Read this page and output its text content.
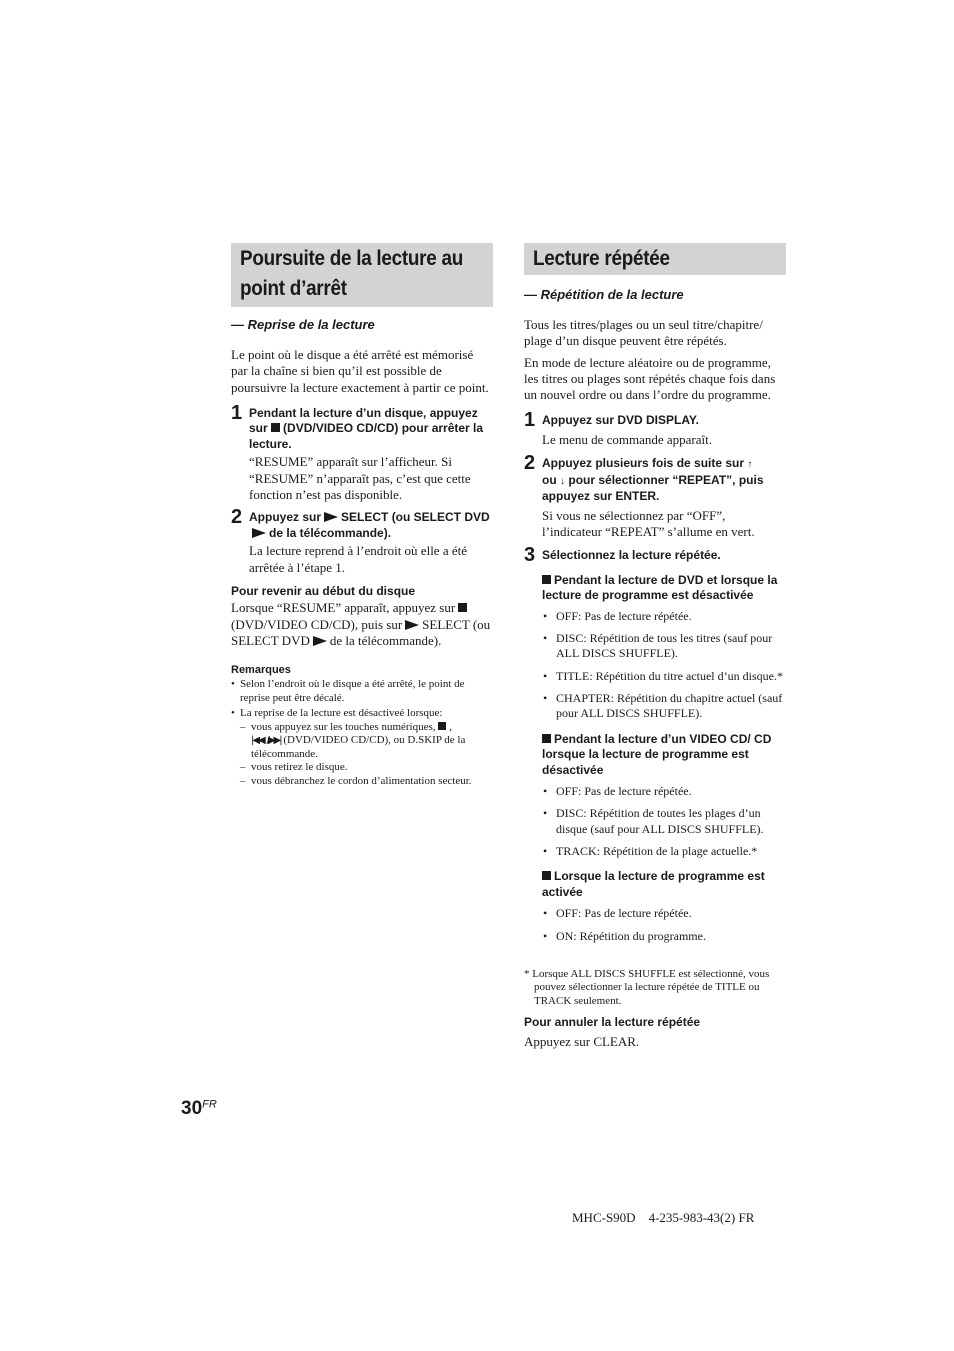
Poursuite de la lecture au point d’arrêt

— Reprise de la lecture

Le point où le disque a été arrêté est mémorisé par la chaîne si bien qu’il est possible de poursuivre la lecture exactement à partir ce point.

1 Pendant la lecture d’un disque, appuyez sur (DVD/VIDEO CD/CD) pour arrêter la lecture.

“RESUME” apparaît sur l’afficheur. Si “RESUME” n’apparaît pas, c’est que cette fonction n’est pas disponible.

2 Appuyez sur SELECT (ou SELECT DVDde la télécommande).

La lecture reprend à l’endroit où elle a été arrêtée à l’étape 1.

Pour revenir au début du disque

Lorsque “RESUME” apparaît, appuyez sur (DVD/VIDEO CD/CD), puis sur SELECT (ou SELECT DVD de la télécommande).

Remarques

• Selon l’endroit où le disque a été arrêté, le point de reprise peut être décalé.
• La reprise de la lecture est désactiveé lorsque:
– vous appuyez sur les touches numériques, ,
|◀◀ /▶▶| (DVD/VIDEO CD/CD), ou D.SKIP de la télécommande.
– vous retirez le disque.
– vous débranchez le cordon d’alimentation secteur.
Lecture répétée

— Répétition de la lecture

Tous les titres/plages ou un seul titre/chapitre/ plage d’un disque peuvent être répétés.

En mode de lecture aléatoire ou de programme, les titres ou plages sont répétés chaque fois dans un nouvel ordre ou dans l’ordre du programme.

1 Appuyez sur DVD DISPLAY.

Le menu de commande apparaît.

2 Appuyez plusieurs fois de suite sur ↑
ou ↓ pour sélectionner “REPEAT”, puis appuyez sur ENTER.

Si vous ne sélectionnez par “OFF”, l’indicateur “REPEAT” s’allume en vert.

3 Sélectionnez la lecture répétée.

Pendant la lecture de DVD et lorsque la lecture de programme est désactivée

• OFF: Pas de lecture répétée.
• DISC: Répétition de tous les titres (sauf pour ALL DISCS SHUFFLE).
• TITLE: Répétition du titre actuel d’un disque.*
• CHAPTER: Répétition du chapitre actuel (sauf pour ALL DISCS SHUFFLE).

Pendant la lecture d’un VIDEO CD/ CD lorsque la lecture de programme est désactivée

• OFF: Pas de lecture répétée.
• DISC: Répétition de toutes les plages d’un disque (sauf pour ALL DISCS SHUFFLE).
• TRACK: Répétition de la plage actuelle.*

Lorsque la lecture de programme est activée

• OFF: Pas de lecture répétée.
• ON: Répétition du programme.

* Lorsque ALL DISCS SHUFFLE est sélectionné, vous pouvez sélectionner la lecture répétée de TITLE ou TRACK seulement.

Pour annuler la lecture répétée

Appuyez sur CLEAR.

$30^{FR}$
MHC-S90D    4-235-983-43(2) FR
